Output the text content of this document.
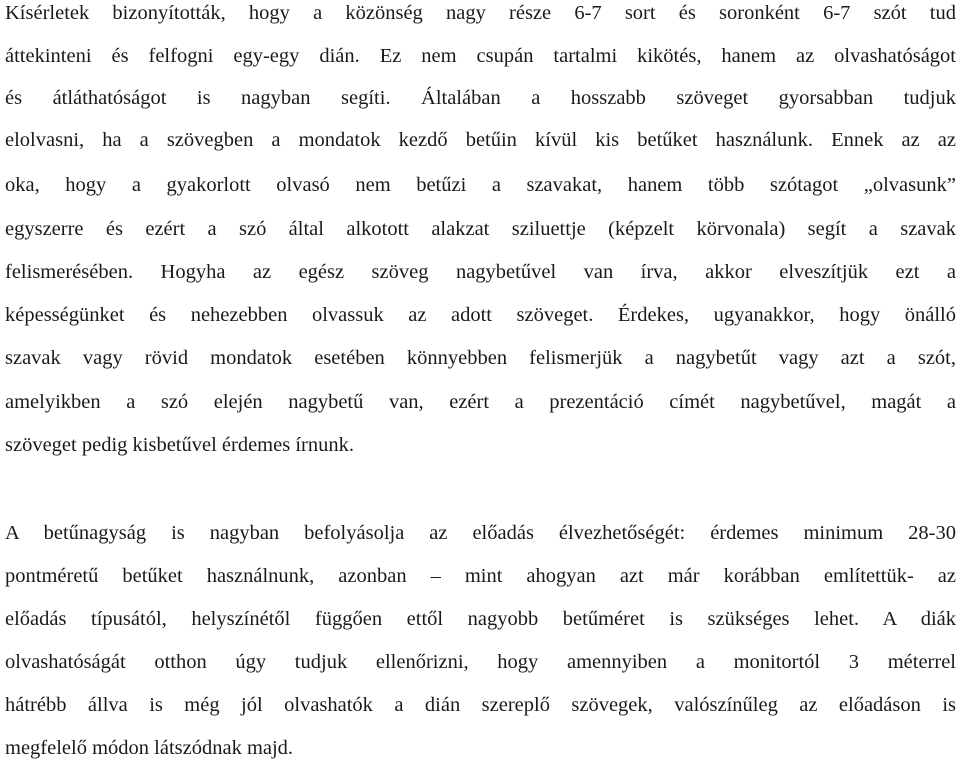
Kísérletek bizonyították, hogy a közönség nagy része 6-7 sort és soronként 6-7 szót tud
áttekinteni és felfogni egy-egy dián. Ez nem csupán tartalmi kikötés, hanem az olvashatóságot
és átláthatóságot is nagyban segíti. Általában a hosszabb szöveget gyorsabban tudjuk
elolvasni, ha a szövegben a mondatok kezdő betűin kívül kis betűket használunk. Ennek az az
oka, hogy a gyakorlott olvasó nem betűzi a szavakat, hanem több szótagot „olvasunk”
egyszerre és ezért a szó által alkotott alakzat sziluettje (képzelt körvonala) segít a szavak
felismerésében. Hogyha az egész szöveg nagybetűvel van írva, akkor elveszítjük ezt a
képességünket és nehezebben olvassuk az adott szöveget. Érdekes, ugyanakkor, hogy önálló
szavak vagy rövid mondatok esetében könnyebben felismerjük a nagybetűt vagy azt a szót,
amelyikben a szó elején nagybetű van, ezért a prezentáció címét nagybetűvel, magát a
szöveget pedig kisbetűvel érdemes írnunk.
A betűnagyság is nagyban befolyásolja az előadás élvezhetőségét: érdemes minimum 28-30
pontméretű betűket használnunk, azonban – mint ahogyan azt már korábban említettük- az
előadás típusától, helyszínétől függően ettől nagyobb betűméret is szükséges lehet. A diák
olvashatóságát otthon úgy tudjuk ellenőrizni, hogy amennyiben a monitortól 3 méterrel
hátrébb állva is még jól olvashatók a dián szereplő szövegek, valószínűleg az előadáson is
megfelelő módon látszódnak majd.
